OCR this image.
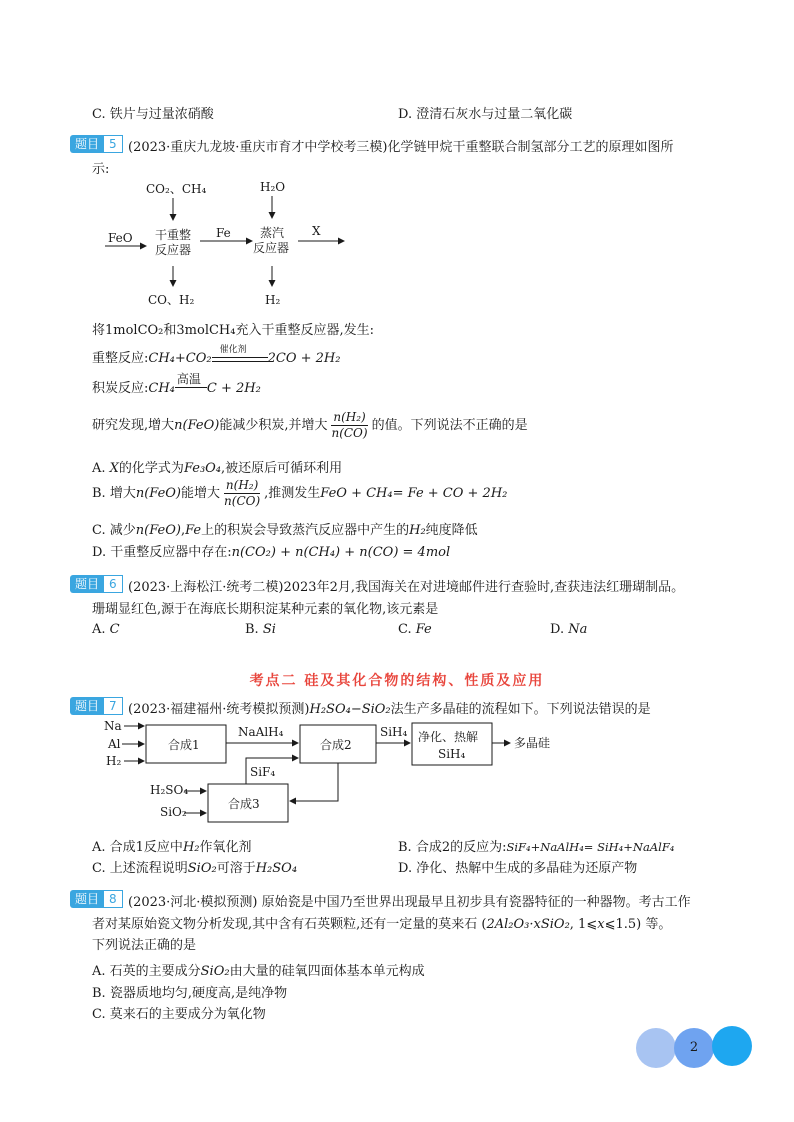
C. 铁片与过量浓硝酸	D. 澄清石灰水与过量二氧化碳
题目 5 (2023·重庆九龙坡·重庆市育才中学校考三模)化学链甲烷干重整联合制氢部分工艺的原理如图所
示:
CO₂、CH₄	H₂O
FeO 干重整
反应器
Fe 蒸汽
反应器
X
CO、H₂	H₂
将1molCO₂和3molCH₄充入干重整反应器,发生:
重整反应:CH₄+CO₂
催化剂
2CO + 2H₂
积炭反应:CH₄
高温
C + 2H₂
研究发现,增大n(FeO)能减少积炭,并增大 $\frac{\text{n(H₂)}}{n(CO)}$ 的值。下列说法不正确的是
A. X的化学式为Fe₃O₄,被还原后可循环利用
B. 增大n(FeO)能增大 $\frac{\text{n(H₂)}}{n(CO)}$ ,推测发生FeO + CH₄= Fe + CO + 2H₂
C. 减少n(FeO),Fe上的积炭会导致蒸汽反应器中产生的H₂纯度降低
D. 干重整反应器中存在:n(CO₂) + n(CH₄) + n(CO) = 4mol
题目 6 (2023·上海松江·统考二模)2023年2月,我国海关在对进境邮件进行查验时,查获违法红珊瑚制品。
珊瑚显红色,源于在海底长期积淀某种元素的氧化物,该元素是
A. C	B. Si	C. Fe	D. Na
考点二 硅及其化合物的结构、性质及应用
题目 7 (2023·福建福州·统考模拟预测)H₂SO₄−SiO₂法生产多晶硅的流程如下。下列说法错误的是
Na
Al
H₂
合成1
NaAlH₄
合成2
SiH₄ 净化、热解
SiH₄
多晶硅
合成3
H₂SO₄
SiO₂
SiF₄
A. 合成1反应中H₂作氧化剂	B. 合成2的反应为:SiF₄+NaAlH₄= SiH₄+NaAlF₄
C. 上述流程说明SiO₂可溶于H₂SO₄	D. 净化、热解中生成的多晶硅为还原产物
题目 8 (2023·河北·模拟预测) 原始瓷是中国乃至世界出现最早且初步具有瓷器特征的一种器物。考古工作
者对某原始瓷文物分析发现,其中含有石英颗粒,还有一定量的莫来石 (2Al₂O₃·xSiO₂, 1⩽x⩽1.5) 等。
下列说法正确的是
A. 石英的主要成分SiO₂由大量的硅氧四面体基本单元构成
B. 瓷器质地均匀,硬度高,是纯净物
C. 莫来石的主要成分为氧化物
2
